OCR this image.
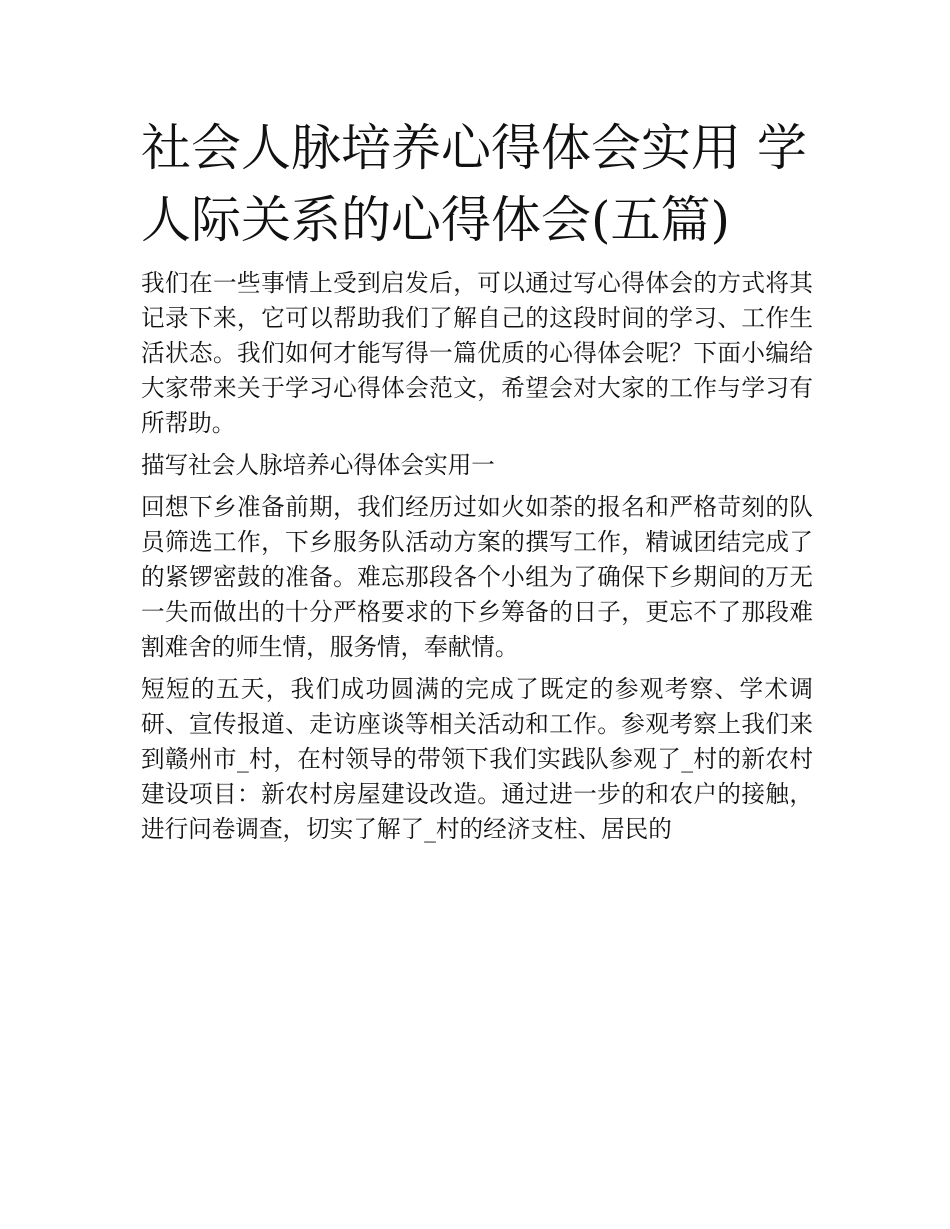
社会人脉培养心得体会实用 学人际关系的心得体会(五篇)

我们在一些事情上受到启发后，可以通过写心得体会的方式将其记录下来，它可以帮助我们了解自己的这段时间的学习、工作生活状态。我们如何才能写得一篇优质的心得体会呢？下面小编给大家带来关于学习心得体会范文，希望会对大家的工作与学习有所帮助。

描写社会人脉培养心得体会实用一

回想下乡准备前期，我们经历过如火如荼的报名和严格苛刻的队员筛选工作，下乡服务队活动方案的撰写工作，精诚团结完成了的紧锣密鼓的准备。难忘那段各个小组为了确保下乡期间的万无一失而做出的十分严格要求的下乡筹备的日子，更忘不了那段难割难舍的师生情，服务情，奉献情。

短短的五天，我们成功圆满的完成了既定的参观考察、学术调研、宣传报道、走访座谈等相关活动和工作。参观考察上我们来到赣州市_村，在村领导的带领下我们实践队参观了_村的新农村建设项目：新农村房屋建设改造。通过进一步的和农户的接触，进行问卷调查，切实了解了_村的经济支柱、居民的
